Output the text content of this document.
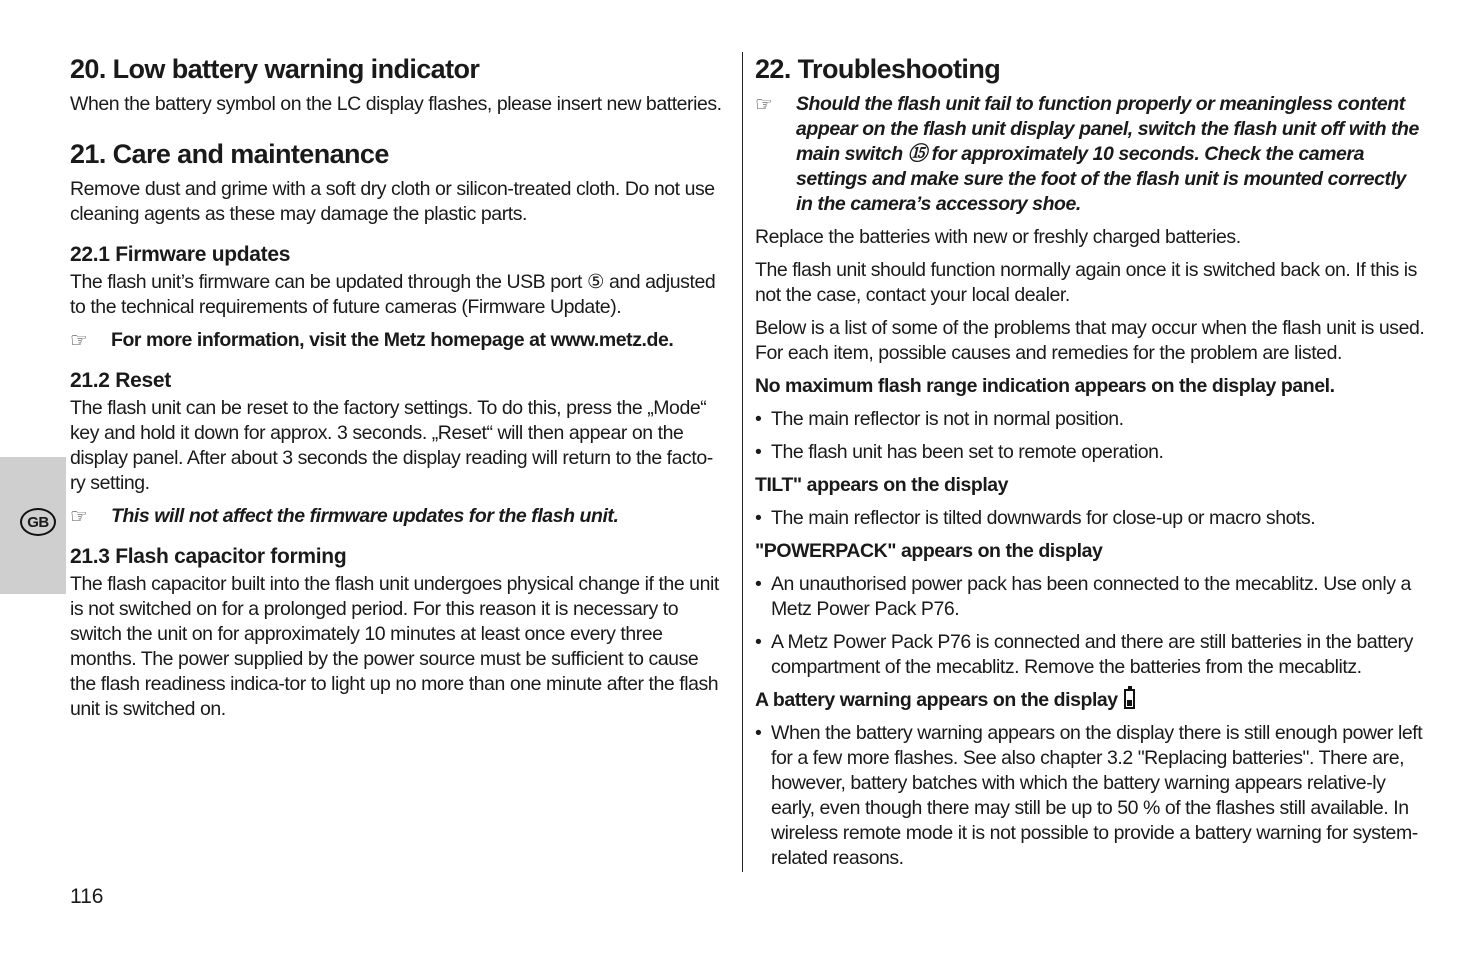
GB
20. Low battery warning indicator

When the battery symbol on the LC display flashes, please insert new batteries.

21. Care and maintenance

Remove dust and grime with a soft dry cloth or silicon-treated cloth. Do not use cleaning agents as these may damage the plastic parts.

22.1 Firmware updates

The flash unit’s firmware can be updated through the USB port ⑤ and adjusted to the technical requirements of future cameras (Firmware Update).

☞	For more information, visit the Metz homepage at www.metz.de.

21.2 Reset

The flash unit can be reset to the factory settings. To do this, press the „Mode“ key and hold it down for approx. 3 seconds. „Reset“ will then appear on the display panel. After about 3 seconds the display reading will return to the facto-ry setting.

☞	This will not affect the firmware updates for the flash unit.

21.3 Flash capacitor forming

The flash capacitor built into the flash unit undergoes physical change if the unit is not switched on for a prolonged period. For this reason it is necessary to switch the unit on for approximately 10 minutes at least once every three months. The power supplied by the power source must be sufficient to cause the flash readiness indica-tor to light up no more than one minute after the flash unit is switched on.

22. Troubleshooting
☞	Should the flash unit fail to function properly or meaningless content appear on the flash unit display panel, switch the flash unit off with the main switch ⑮ for approximately 10 seconds. Check the camera settings and make sure the foot of the flash unit is mounted correctly in the camera’s accessory shoe.

Replace the batteries with new or freshly charged batteries.

The flash unit should function normally again once it is switched back on. If this is not the case, contact your local dealer.

Below is a list of some of the problems that may occur when the flash unit is used. For each item, possible causes and remedies for the problem are listed.

No maximum flash range indication appears on the display panel.

• The main reflector is not in normal position.

• The flash unit has been set to remote operation.

TILT" appears on the display

• The main reflector is tilted downwards for close-up or macro shots.

"POWERPACK" appears on the display

• An unauthorised power pack has been connected to the mecablitz. Use only a Metz Power Pack P76.

• A Metz Power Pack P76 is connected and there are still batteries in the battery compartment of the mecablitz. Remove the batteries from the mecablitz.

A battery warning appears on the display

• When the battery warning appears on the display there is still enough power left for a few more flashes. See also chapter 3.2 "Replacing batteries". There are, however, battery batches with which the battery warning appears relative-ly early, even though there may still be up to 50 % of the flashes still available. In wireless remote mode it is not possible to provide a battery warning for system-related reasons.

116
